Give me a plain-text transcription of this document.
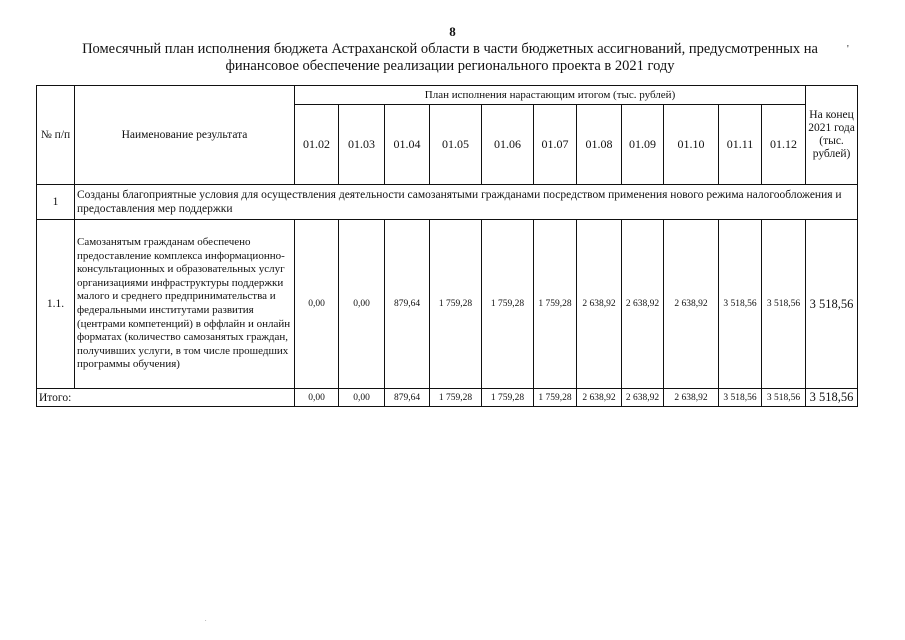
8
Помесячный план исполнения бюджета Астраханской области в части бюджетных ассигнований, предусмотренных на
финансовое обеспечение реализации регионального проекта в 2021 году
'
№ п/п	Наименование результата	План исполнения нарастающим итогом (тыс. рублей)											На конец 2021 года (тыс. рублей)
		01.02	01.03	01.04	01.05	01.06	01.07	01.08	01.09	01.10	01.11	01.12	
1	Созданы благоприятные условия для осуществления деятельности самозанятыми гражданами посредством применения нового режима налогообложения и предоставления мер поддержки												
1.1.	Самозанятым гражданам обеспечено предоставление комплекса информационно-консультационных и образовательных услуг организациями инфраструктуры поддержки малого и среднего предпринимательства и федеральными институтами развития (центрами компетенций) в оффлайн и онлайн форматах (количество самозанятых граждан, получивших услуги, в том числе прошедших программы обучения)	0,00	0,00	879,64	1 759,28	1 759,28	1 759,28	2 638,92	2 638,92	2 638,92	3 518,56	3 518,56	3 518,56
Итого:		0,00	0,00	879,64	1 759,28	1 759,28	1 759,28	2 638,92	2 638,92	2 638,92	3 518,56	3 518,56	3 518,56
.
